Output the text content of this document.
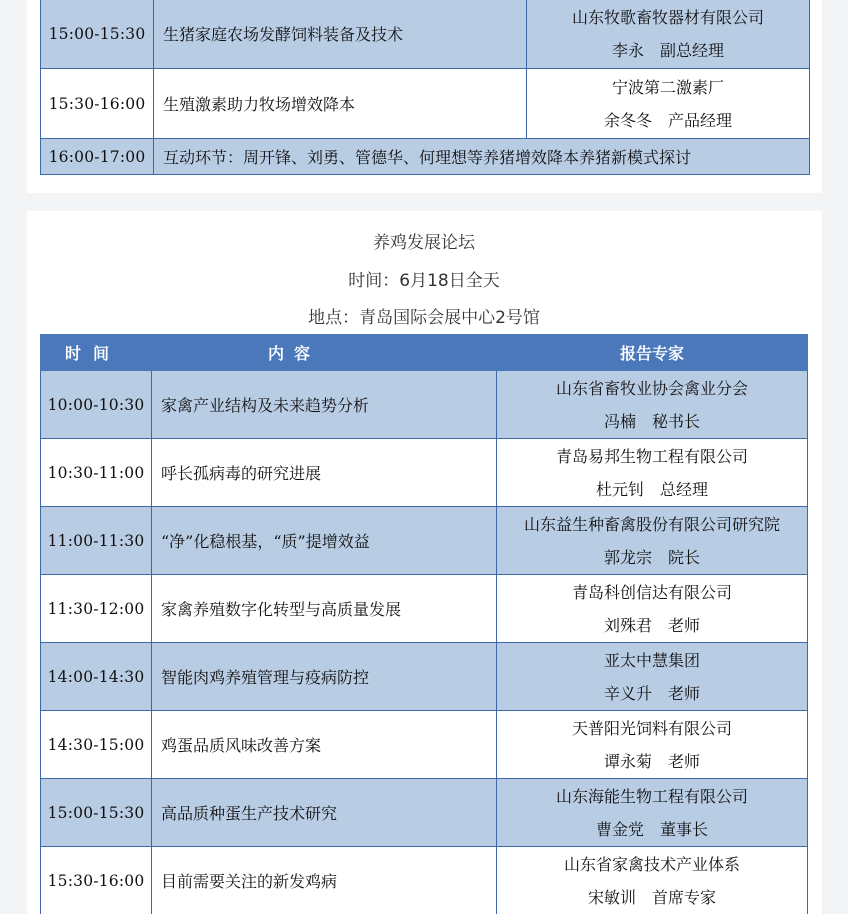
15:00-15:30	生猪家庭农场发酵饲料装备及技术	山东牧歌畜牧器材有限公司
李永　副总经理

15:30-16:00	生殖激素助力牧场增效降本	宁波第二激素厂
余冬冬　产品经理

16:00-17:00	互动环节：周开锋、刘勇、管德华、何理想等养猪增效降本养猪新模式探讨	
养鸡发展论坛
时间：6月18日全天
地点：青岛国际会展中心2号馆
时间	内容	报告专家
10:00-10:30	家禽产业结构及未来趋势分析	山东省畜牧业协会禽业分会
冯楠　秘书长

10:30-11:00	呼长孤病毒的研究进展	青岛易邦生物工程有限公司
杜元钊　总经理

11:00-11:30	“净”化稳根基，“质”提增效益	山东益生种畜禽股份有限公司研究院
郭龙宗　院长

11:30-12:00	家禽养殖数字化转型与高质量发展	青岛科创信达有限公司
刘殊君　老师

14:00-14:30	智能肉鸡养殖管理与疫病防控	亚太中慧集团
辛义升　老师

14:30-15:00	鸡蛋品质风味改善方案	天普阳光饲料有限公司
谭永菊　老师

15:00-15:30	高品质种蛋生产技术研究	山东海能生物工程有限公司
曹金党　董事长

15:30-16:00	目前需要关注的新发鸡病	山东省家禽技术产业体系
宋敏训　首席专家
